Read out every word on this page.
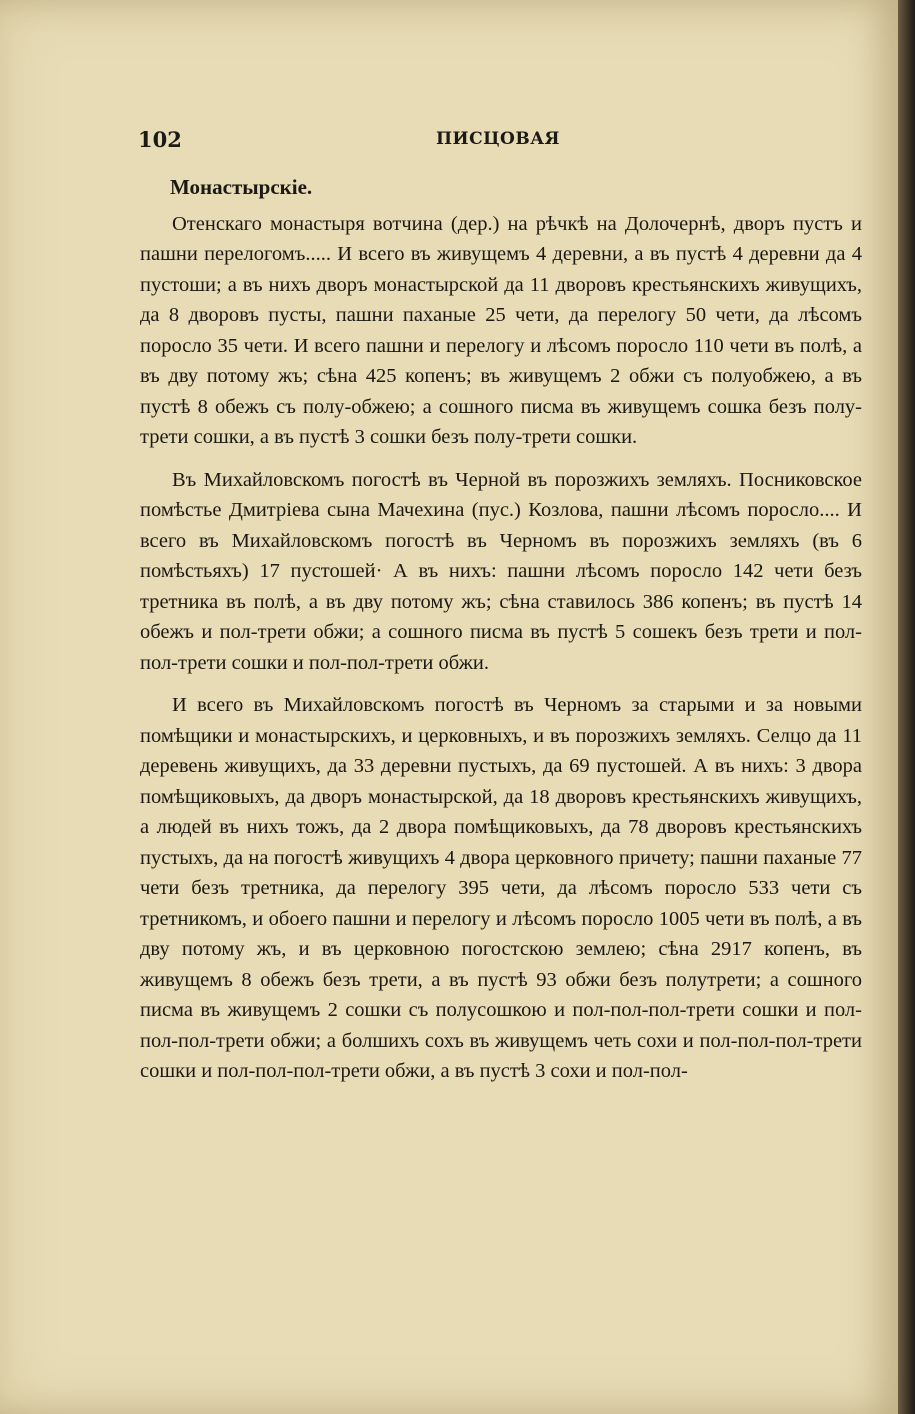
102	ПИСЦОВАЯ
Монастырскіе.

Отенскаго монастыря вотчина (дер.) на рѣчкѣ на Долочернѣ, дворъ пустъ и пашни перелогомъ..... И всего въ живущемъ 4 деревни, а въ пустѣ 4 деревни да 4 пустоши; а въ нихъ дворъ монастырской да 11 дворовъ крестьянскихъ живущихъ, да 8 дворовъ пусты, пашни паханые 25 чети, да перелогу 50 чети, да лѣсомъ поросло 35 чети. И всего пашни и перелогу и лѣсомъ поросло 110 чети въ полѣ, а въ дву потому жъ; сѣна 425 копенъ; въ живущемъ 2 обжи съ полуобжею, а въ пустѣ 8 обежъ съ полу-обжею; а сошного писма въ живущемъ сошка безъ полу-трети сошки, а въ пустѣ 3 сошки безъ полу-трети сошки.

Въ Михайловскомъ погостѣ въ Черной въ порозжихъ земляхъ. Посниковское помѣстье Дмитріева сына Мачехина (пус.) Козлова, пашни лѣсомъ поросло.... И всего въ Михайловскомъ погостѣ въ Черномъ въ порозжихъ земляхъ (въ 6 помѣстьяхъ) 17 пустошей· А въ нихъ: пашни лѣсомъ поросло 142 чети безъ третника въ полѣ, а въ дву потому жъ; сѣна ставилось 386 копенъ; въ пустѣ 14 обежъ и пол-трети обжи; а сошного писма въ пустѣ 5 сошекъ безъ трети и пол-пол-трети сошки и пол-пол-трети обжи.

И всего въ Михайловскомъ погостѣ въ Черномъ за старыми и за новыми помѣщики и монастырскихъ, и церковныхъ, и въ порозжихъ земляхъ. Селцо да 11 деревень живущихъ, да 33 деревни пустыхъ, да 69 пустошей. А въ нихъ: 3 двора помѣщиковыхъ, да дворъ монастырской, да 18 дворовъ крестьянскихъ живущихъ, а людей въ нихъ тожъ, да 2 двора помѣщиковыхъ, да 78 дворовъ крестьянскихъ пустыхъ, да на погостѣ живущихъ 4 двора церковного причету; пашни паханые 77 чети безъ третника, да перелогу 395 чети, да лѣсомъ поросло 533 чети съ третникомъ, и обоего пашни и перелогу и лѣсомъ поросло 1005 чети въ полѣ, а въ дву потому жъ, и въ церковною погостскою землею; сѣна 2917 копенъ, въ живущемъ 8 обежъ безъ трети, а въ пустѣ 93 обжи безъ полутрети; а сошного писма въ живущемъ 2 сошки съ полусошкою и пол-пол-пол-трети сошки и пол-пол-пол-трети обжи; а болшихъ сохъ въ живущемъ четь сохи и пол-пол-пол-трети сошки и пол-пол-пол-трети обжи, а въ пустѣ 3 сохи и пол-пол-
